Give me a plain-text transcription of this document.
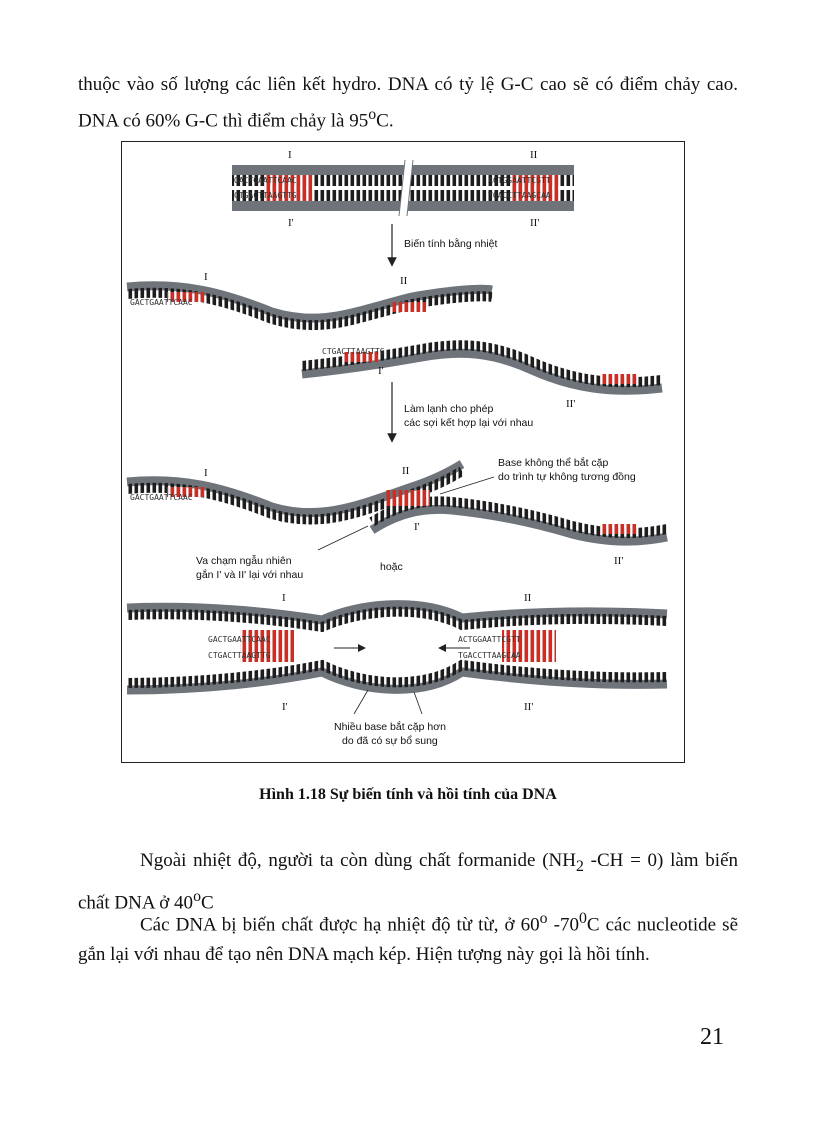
thuộc vào số lượng các liên kết hydro. DNA có tỷ lệ G-C cao sẽ có điểm chảy cao. DNA có 60% G-C thì điểm chảy là 95$^o$C.

GACTGAATTCAAC
CTGACTTAAGTTG
ACTGGAATTCGTT
TGACCTTAAGCAA
I	II
I'	II'
Biến tính bằng nhiệt
GACTGAATTCAAC
I	II
CTGACTTAAGTTG
I'
II'
Làm lạnh cho phép
các sợi kết hợp lại với nhau
GACTGAATTCAAC
I	II
I'
II'
Base không thể bắt cặp
do trình tự không tương đồng
Va chạm ngẫu nhiên
gắn I' và II' lại với nhau
hoặc
GACTGAATTCAAC
CTGACTTAAGTTG
ACTGGAATTCGTT
TGACCTTAAGCAA
I	II
I'	II'
Nhiều base bắt cặp hơn
do đã có sự bổ sung
Hình 1.18 Sự biến tính và hồi tính của DNA

Ngoài nhiệt độ, người ta còn dùng chất formanide ($NH_2$ -CH = 0) làm biến chất DNA ở 40$^o$C

Các DNA bị biến chất được hạ nhiệt độ từ từ, ở 60$^o$ $-70^0C$ các nucleotide sẽ gắn lại với nhau để tạo nên DNA mạch kép. Hiện tượng này gọi là hồi tính.

21
